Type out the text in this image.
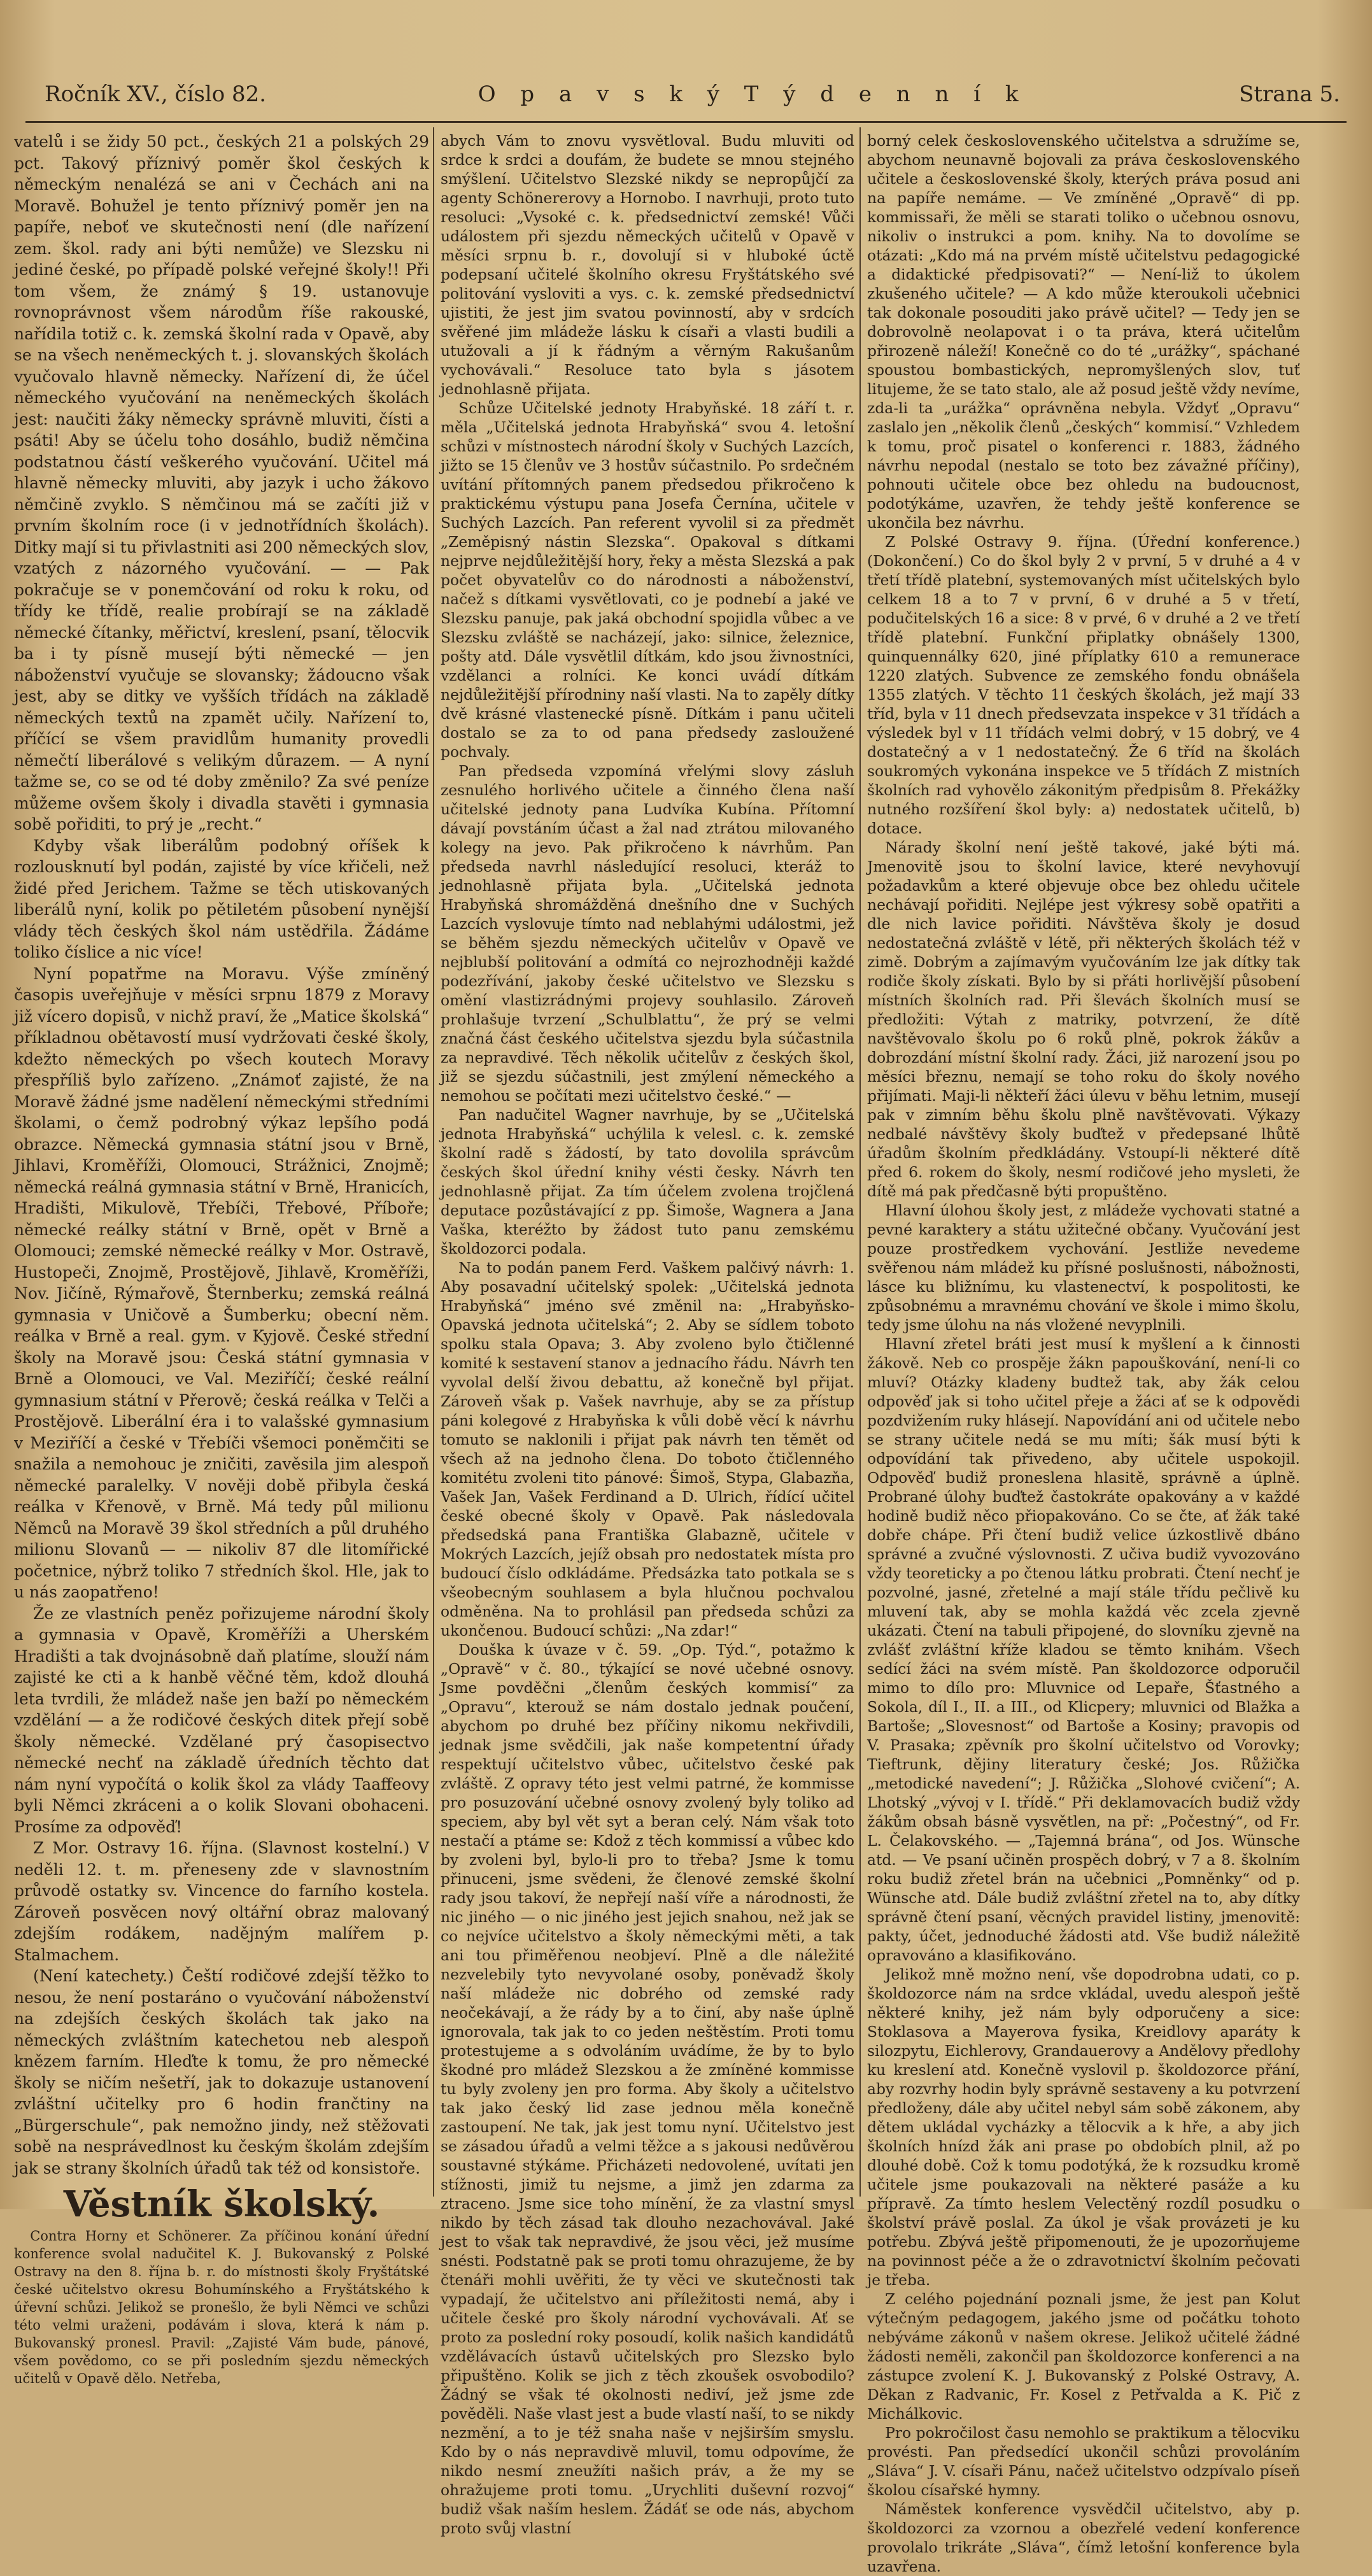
Ročník XV., číslo 82.	O p a v s k ý T ý d e n n í k	Strana 5.

vatelů i se židy 50 pct., českých 21 a polských 29 pct. Takový příznivý poměr škol českých k německým nenalézá se ani v Čechách ani na Moravě. Bohužel je tento příznivý poměr jen na papíře, neboť ve skutečnosti není (dle nařízení zem. škol. rady ani býti nemůže) ve Slezsku ni jediné české, po případě polské veřejné školy!! Při tom všem, že známý § 19. ustanovuje rovnoprávnost všem národům říše rakouské, nařídila totiž c. k. zemská školní rada v Opavě, aby se na všech neněmeckých t. j. slovanských školách vyučovalo hlavně německy. Nařízení di, že účel německého vyučování na neněmeckých školách jest: naučiti žáky německy správně mluviti, čísti a psáti! Aby se účelu toho dosáhlo, budiž němčina podstatnou částí veškerého vyučování. Učitel má hlavně německy mluviti, aby jazyk i ucho žákovo němčině zvyklo. S němčinou má se začíti již v prvním školním roce (i v jednotřídních školách). Ditky mají si tu přivlastniti asi 200 německých slov, vzatých z názorného vyučování. — — Pak pokračuje se v ponemčování od roku k roku, od třídy ke třídě, realie probírají se na základě německé čítanky, měřictví, kreslení, psaní, tělocvik ba i ty písně musejí býti německé — jen náboženství vyučuje se slovansky; žádoucno však jest, aby se ditky ve vyšších třídách na základě německých textů na zpamět učily. Nařízení to, příčící se všem pravidlům humanity provedli němečtí liberálové s velikým důrazem. — A nyní tažme se, co se od té doby změnilo? Za své peníze můžeme ovšem školy i divadla stavěti i gymnasia sobě pořiditi, to prý je „recht.“

Kdyby však liberálům podobný oříšek k rozlousknutí byl podán, zajisté by více křičeli, než židé před Jerichem. Tažme se těch utiskovaných liberálů nyní, kolik po pětiletém působení nynější vlády těch českých škol nám ustědřila. Žádáme toliko číslice a nic více!

Nyní popatřme na Moravu. Výše zmíněný časopis uveřejňuje v měsíci srpnu 1879 z Moravy již vícero dopisů, v nichž praví, že „Matice školská“ příkladnou obětavostí musí vydržovati české školy, kdežto německých po všech koutech Moravy přespříliš bylo zařízeno. „Známoť zajisté, že na Moravě žádné jsme nadělení německými středními školami, o čemž podrobný výkaz lepšího podá obrazce. Německá gymnasia státní jsou v Brně, Jihlavi, Kroměříži, Olomouci, Strážnici, Znojmě; německá reálná gymnasia státní v Brně, Hranicích, Hradišti, Mikulově, Třebíči, Třebové, Příboře; německé reálky státní v Brně, opět v Brně a Olomouci; zemské německé reálky v Mor. Ostravě, Hustopeči, Znojmě, Prostějově, Jihlavě, Kroměříži, Nov. Jičíně, Rýmařově, Šternberku; zemská reálná gymnasia v Uničově a Šumberku; obecní něm. reálka v Brně a real. gym. v Kyjově. České střední školy na Moravě jsou: Česká státní gymnasia v Brně a Olomouci, ve Val. Meziříčí; české reální gymnasium státní v Přerově; česká reálka v Telči a Prostějově. Liberální éra i to valašské gymnasium v Meziříčí a české v Třebíči všemoci poněmčiti se snažila a nemohouc je zničiti, zavěsila jim alespoň německé paralelky. V nověji době přibyla česká reálka v Křenově, v Brně. Má tedy půl milionu Němců na Moravě 39 škol středních a půl druhého milionu Slovanů — — nikoliv 87 dle litomířické početnice, nýbrž toliko 7 středních škol. Hle, jak to u nás zaopatřeno!

Že ze vlastních peněz pořizujeme národní školy a gymnasia v Opavě, Kroměříži a Uherském Hradišti a tak dvojnásobně daň platíme, slouží nám zajisté ke cti a k hanbě věčné těm, kdož dlouhá leta tvrdili, že mládež naše jen baží po německém vzdělání — a že rodičové českých ditek přejí sobě školy německé. Vzdělané prý časopisectvo německé nechť na základě úředních těchto dat nám nyní vypočítá o kolik škol za vlády Taaffeovy byli Němci zkráceni a o kolik Slovani obohaceni. Prosíme za odpověď!

Z Mor. Ostravy 16. října. (Slavnost kostelní.) V neděli 12. t. m. přeneseny zde v slavnostním průvodě ostatky sv. Vincence do farního kostela. Zároveň posvěcen nový oltářní obraz malovaný zdejším rodákem, nadějným malířem p. Stalmachem.

(Není katechety.) Čeští rodičové zdejší těžko to nesou, že není postaráno o vyučování náboženství na zdejších českých školách tak jako na německých zvláštním katechetou neb alespoň knězem farním. Hleďte k tomu, že pro německé školy se ničím nešetří, jak to dokazuje ustanovení zvláštní učitelky pro 6 hodin frančtiny na „Bürgerschule“, pak nemožno jindy, než stěžovati sobě na nesprávedlnost ku českým školám zdejším jak se strany školních úřadů tak též od konsistoře.

Věstník školský.

Contra Horny et Schönerer. Za příčinou konání úřední konference svolal nadučitel K. J. Bukovanský z Polské Ostravy na den 8. října b. r. do místnosti školy Fryštátské české učitelstvo okresu Bohumínského a Fryštátského k úřevní schůzi. Jelikož se pronešlo, že byli Němci ve schůzi této velmi uraženi, podávám i slova, která k nám p. Bukovanský pronesl. Pravil: „Zajisté Vám bude, pánové, všem povědomo, co se při posledním sjezdu německých učitelů v Opavě dělo. Netřeba,

abych Vám to znovu vysvětloval. Budu mluviti od srdce k srdci a doufám, že budete se mnou stejného smýšlení. Učitelstvo Slezské nikdy se nepropůjčí za agenty Schönererovy a Hornobo. I navrhuji, proto tuto resoluci: „Vysoké c. k. předsednictví zemské! Vůči událostem při sjezdu německých učitelů v Opavě v měsíci srpnu b. r., dovolují si v hluboké úctě podepsaní učitelé školního okresu Fryštátského své politování vysloviti a vys. c. k. zemské předsednictví ujistiti, že jest jim svatou povinností, aby v srdcích svěřené jim mládeže lásku k císaři a vlasti budili a utužovali a jí k řádným a věrným Rakušanům vychovávali.“ Resoluce tato byla s jásotem jednohlasně přijata.

Schůze Učitelské jednoty Hrabyňské. 18 září t. r. měla „Učitelská jednota Hrabyňská“ svou 4. letošní schůzi v místnostech národní školy v Suchých Lazcích, jižto se 15 členův ve 3 hostův súčastnilo. Po srdečném uvítání přítomných panem předsedou přikročeno k praktickému výstupu pana Josefa Černína, učitele v Suchých Lazcích. Pan referent vyvolil si za předmět „Zeměpisný nástin Slezska“. Opakoval s dítkami nejprve nejdůležitější hory, řeky a města Slezská a pak počet obyvatelův co do národnosti a náboženství, načež s dítkami vysvětlovati, co je podnebí a jaké ve Slezsku panuje, pak jaká obchodní spojidla vůbec a ve Slezsku zvláště se nacházejí, jako: silnice, železnice, pošty atd. Dále vysvětlil dítkám, kdo jsou živnostníci, vzdělanci a rolníci. Ke konci uvádí dítkám nejdůležitější přírodniny naší vlasti. Na to zapěly dítky dvě krásné vlastenecké písně. Dítkám i panu učiteli dostalo se za to od pana předsedy zasloužené pochvaly.

Pan předseda vzpomíná vřelými slovy zásluh zesnulého horlivého učitele a činného člena naší učitelské jednoty pana Ludvíka Kubína. Přítomní dávají povstáním účast a žal nad ztrátou milovaného kolegy na jevo. Pak přikročeno k návrhům. Pan předseda navrhl následující resoluci, kteráž to jednohlasně přijata byla. „Učitelská jednota Hrabyňská shromážděná dnešního dne v Suchých Lazcích vyslovuje tímto nad neblahými událostmi, jež se běhěm sjezdu německých učitelův v Opavě ve nejblubší politování a odmítá co nejrozhodněji každé podezřívání, jakoby české učitelstvo ve Slezsku s omění vlastizrádnými projevy souhlasilo. Zároveň prohlašuje tvrzení „Schulblattu“, že prý se velmi značná část českého učitelstva sjezdu byla súčastnila za nepravdivé. Těch několik učitelův z českých škol, již se sjezdu súčastnili, jest zmýlení německého a nemohou se počítati mezi učitelstvo české.“ —

Pan nadučitel Wagner navrhuje, by se „Učitelská jednota Hrabyňská“ uchýlila k velesl. c. k. zemské školní radě s žádostí, by tato dovolila správcům českých škol úřední knihy vésti česky. Návrh ten jednohlasně přijat. Za tím účelem zvolena trojčlená deputace pozůstávající z pp. Šimoše, Wagnera a Jana Vaška, kteréžto by žádost tuto panu zemskému školdozorci podala.

Na to podán panem Ferd. Vaškem palčivý návrh: 1. Aby posavadní učitelský spolek: „Učitelská jednota Hrabyňská“ jméno své změnil na: „Hrabyňsko-Opavská jednota učitelská“; 2. Aby se sídlem toboto spolku stala Opava; 3. Aby zvoleno bylo čtičlenné komité k sestavení stanov a jednacího řádu. Návrh ten vyvolal delší živou debattu, až konečně byl přijat. Zároveň však p. Vašek navrhuje, aby se za přístup páni kolegové z Hrabyňska k vůli době věcí k návrhu tomuto se naklonili i přijat pak návrh ten těmět od všech až na jednoho člena. Do toboto čtičlenného komitétu zvoleni tito pánové: Šimoš, Stypa, Glabazňa, Vašek Jan, Vašek Ferdinand a D. Ulrich, řídící učitel české obecné školy v Opavě. Pak následovala předsedská pana Františka Glabazně, učitele v Mokrých Lazcích, jejíž obsah pro nedostatek místa pro budoucí číslo odkládáme. Předsázka tato potkala se s všeobecným souhlasem a byla hlučnou pochvalou odměněna. Na to prohlásil pan předseda schůzi za ukončenou. Budoucí schůzi: „Na zdar!“

Douška k úvaze v č. 59. „Op. Týd.“, potažmo k „Opravě“ v č. 80., týkající se nové učebné osnovy. Jsme povděčni „členům českých kommisí“ za „Opravu“, kterouž se nám dostalo jednak poučení, abychom po druhé bez příčiny nikomu nekřivdili, jednak jsme svědčili, jak naše kompetentní úřady respektují učitelstvo vůbec, učitelstvo české pak zvláště. Z opravy této jest velmi patrné, že kommisse pro posuzování učebné osnovy zvolený byly toliko ad speciem, aby byl vět syt a beran celý. Nám však toto nestačí a ptáme se: Kdož z těch kommissí a vůbec kdo by zvoleni byl, bylo-li pro to třeba? Jsme k tomu přinuceni, jsme svědeni, že členové zemské školní rady jsou takoví, že nepřejí naší víře a národnosti, že nic jiného — o nic jiného jest jejich snahou, než jak se co nejvíce učitelstvo a školy německými měti, a tak ani tou přiměřenou neobjeví. Plně a dle náležité nezvelebily tyto nevyvolané osoby, poněvadž školy naší mládeže nic dobrého od zemské rady neočekávají, a že rády by a to činí, aby naše úplně ignorovala, tak jak to co jeden neštěstím. Proti tomu protestujeme a s odvoláním uvádíme, že by to bylo škodné pro mládež Slezskou a že zmíněné kommisse tu byly zvoleny jen pro forma. Aby školy a učitelstvo tak jako český lid zase jednou měla konečně zastoupení. Ne tak, jak jest tomu nyní. Učitelstvo jest se zásadou úřadů a velmi těžce a s jakousi nedůvěrou soustavné stýkáme. Přicházeti nedovolené, uvítati jen stížnosti, jimiž tu nejsme, a jimž jen zdarma za ztraceno. Jsme sice toho mínění, že za vlastní smysl nikdo by těch zásad tak dlouho nezachovával. Jaké jest to však tak nepravdivé, že jsou věci, jež musíme snésti. Podstatně pak se proti tomu ohrazujeme, že by čtenáři mohli uvěřiti, že ty věci ve skutečnosti tak vypadají, že učitelstvo ani příležitosti nemá, aby i učitele české pro školy národní vychovávali. Ať se proto za poslední roky posoudí, kolik našich kandidátů vzdělávacích ústavů učitelských pro Slezsko bylo připuštěno. Kolik se jich z těch zkoušek osvobodilo? Žádný se však té okolnosti nediví, jež jsme zde pověděli. Naše vlast jest a bude vlastí naší, to se nikdy nezmění, a to je též snaha naše v nejširším smyslu. Kdo by o nás nepravdivě mluvil, tomu odpovíme, že nikdo nesmí zneužíti našich práv, a že my se ohražujeme proti tomu. „Urychliti duševní rozvoj“ budiž však naším heslem. Žádáť se ode nás, abychom proto svůj vlastní

borný celek československého učitelstva a sdružíme se, abychom neunavně bojovali za práva československého učitele a československé školy, kterých práva posud ani na papíře nemáme. — Ve zmíněné „Opravě“ di pp. kommissaři, že měli se starati toliko o učebnou osnovu, nikoliv o instrukci a pom. knihy. Na to dovolíme se otázati: „Kdo má na prvém místě učitelstvu pedagogické a didaktické předpisovati?“ — Není-liž to úkolem zkušeného učitele? — A kdo může kteroukoli učebnici tak dokonale posouditi jako právě učitel? — Tedy jen se dobrovolně neolapovat i o ta práva, která učitelům přirozeně náleží! Konečně co do té „urážky“, spáchané spoustou bombastických, nepromyšlených slov, tuť litujeme, že se tato stalo, ale až posud ještě vždy nevíme, zda-li ta „urážka“ oprávněna nebyla. Vždyť „Opravu“ zaslalo jen „několik členů „českých“ kommisí.“ Vzhledem k tomu, proč pisatel o konferenci r. 1883, žádného návrhu nepodal (nestalo se toto bez závažné příčiny), pohnouti učitele obce bez ohledu na budoucnost, podotýkáme, uzavřen, že tehdy ještě konference se ukončila bez návrhu.

Z Polské Ostravy 9. října. (Úřední konference.) (Dokončení.) Co do škol byly 2 v první, 5 v druhé a 4 v třetí třídě platební, systemovaných míst učitelských bylo celkem 18 a to 7 v první, 6 v druhé a 5 v třetí, podučitelských 16 a sice: 8 v prvé, 6 v druhé a 2 ve třetí třídě platební. Funkční připlatky obnášely 1300, quinquennálky 620, jiné příplatky 610 a remunerace 1220 zlatých. Subvence ze zemského fondu obnášela 1355 zlatých. V těchto 11 českých školách, jež mají 33 tříd, byla v 11 dnech předsevzata inspekce v 31 třídách a výsledek byl v 11 třídách velmi dobrý, v 15 dobrý, ve 4 dostatečný a v 1 nedostatečný. Že 6 tříd na školách soukromých vykonána inspekce ve 5 třídách Z mistních školních rad vyhovělo zákonitým předpisům 8. Překážky nutného rozšíření škol byly: a) nedostatek učitelů, b) dotace.

Nárady školní není ještě takové, jaké býti má. Jmenovitě jsou to školní lavice, které nevyhovují požadavkům a které objevuje obce bez ohledu učitele nechávají pořiditi. Nejlépe jest výkresy sobě opatřiti a dle nich lavice pořiditi. Návštěva školy je dosud nedostatečná zvláště v létě, při některých školách též v zimě. Dobrým a zajímavým vyučováním lze jak dítky tak rodiče školy získati. Bylo by si přáti horlivější působení místních školních rad. Při šlevách školních musí se předložiti: Výtah z matriky, potvrzení, že dítě navštěvovalo školu po 6 roků plně, pokrok žákův a dobrozdání místní školní rady. Žáci, již narození jsou po měsíci březnu, nemají se toho roku do školy nového přijímati. Maji-li někteří žáci úlevu v běhu letnim, musejí pak v zimním běhu školu plně navštěvovati. Výkazy nedbalé návštěvy školy buďtež v předepsané lhůtě úřadům školním předkládány. Vstoupí-li některé dítě před 6. rokem do školy, nesmí rodičové jeho mysleti, že dítě má pak předčasně býti propuštěno.

Hlavní úlohou školy jest, z mládeže vychovati statné a pevné karaktery a státu užitečné občany. Vyučování jest pouze prostředkem vychování. Jestliže nevedeme svěřenou nám mládež ku přísné poslušnosti, nábožnosti, lásce ku bližnímu, ku vlastenectví, k pospolitosti, ke způsobnému a mravnému chování ve škole i mimo školu, tedy jsme úlohu na nás vložené nevyplnili.

Hlavní zřetel bráti jest musí k myšlení a k činnosti žákově. Neb co prospěje žákn papouškování, není-li co mluví? Otázky kladeny budtež tak, aby žák celou odpověď jak si toho učitel přeje a žáci ať se k odpovědi pozdvižením ruky hlásejí. Napovídání ani od učitele nebo se strany učitele nedá se mu míti; šák musí býti k odpovídání tak přivedeno, aby učitele uspokojil. Odpověď budiž proneslena hlasitě, správně a úplně. Probrané úlohy buďtež častokráte opakovány a v každé hodině budiž něco přiopakováno. Co se čte, ať žák také dobře chápe. Při čtení budiž velice úzkostlivě dbáno správné a zvučné výslovnosti. Z učiva budiž vyvozováno vždy teoreticky a po čtenou látku probrati. Čtení nechť je pozvolné, jasné, zřetelné a mají stále třídu pečlivě ku mluvení tak, aby se mohla každá věc zcela zjevně ukázati. Čtení na tabuli připojené, do slovníku zjevně na zvlášť zvláštní kříže kladou se těmto knihám. Všech sedící žáci na svém místě. Pan školdozorce odporučil mimo to dílo pro: Mluvnice od Lepaře, Šťastného a Sokola, díl I., II. a III., od Klicpery; mluvnici od Blažka a Bartoše; „Slovesnost“ od Bartoše a Kosiny; pravopis od V. Prasaka; zpěvník pro školní učitelstvo od Vorovky; Tieftrunk, dějiny literatury české; Jos. Růžička „metodické navedení“; J. Růžička „Slohové cvičení“; A. Lhotský „vývoj v I. třídě.“ Při deklamovacích budiž vždy žákům obsah básně vysvětlen, na př: „Počestný“, od Fr. L. Čelakovského. — „Tajemná brána“, od Jos. Wünsche atd. — Ve psaní učiněn prospěch dobrý, v 7 a 8. školním roku budiž zřetel brán na učebnici „Pomněnky“ od p. Wünsche atd. Dále budiž zvláštní zřetel na to, aby dítky správně čtení psaní, věcných pravidel listiny, jmenovitě: pakty, účet, jednoduché žádosti atd. Vše budiž náležitě opravováno a klasifikováno.

Jelikož mně možno není, vše dopodrobna udati, co p. školdozorce nám na srdce vkládal, uvedu alespoň ještě některé knihy, jež nám byly odporučeny a sice: Stoklasova a Mayerova fysika, Kreidlovy aparáty k silozpytu, Eichlerovy, Grandauerovy a Andělovy předlohy ku kreslení atd. Konečně vyslovil p. školdozorce přání, aby rozvrhy hodin byly správně sestaveny a ku potvrzení předloženy, dále aby učitel nebyl sám sobě zákonem, aby dětem ukládal vycházky a tělocvik a k hře, a aby jich školních hnízd žák ani prase po obdobích plnil, až po dlouhé době. Což k tomu podotýká, že k rozsudku kromě učitele jsme poukazovali na některé pasáže a ku přípravě. Za tímto heslem Velectěný rozdíl posudku o školství právě poslal. Za úkol je však provázeti je ku potřebu. Zbývá ještě připomenouti, že je upozorňujeme na povinnost péče a že o zdravotnictví školním pečovati je třeba.

Z celého pojednání poznali jsme, že jest pan Kolut výtečným pedagogem, jakého jsme od počátku tohoto nebýváme zákonů v našem okrese. Jelikož učitelé žádné žádosti neměli, zakončil pan školdozorce konferenci a na zástupce zvolení K. J. Bukovanský z Polské Ostravy, A. Děkan z Radvanic, Fr. Kosel z Petřvalda a K. Pič z Michálkovic.

Pro pokročilost času nemohlo se praktikum a tělocviku provésti. Pan předsedící ukončil schůzi provoláním „Sláva“ J. V. císaři Pánu, načež učitelstvo odzpívalo píseň školou císařské hymny.

Náměstek konference vysvědčil učitelstvo, aby p. školdozorci za vzornou a obezřelé vedení konference provolalo trikráte „Sláva“, čímž letošní konference byla uzavřena.
